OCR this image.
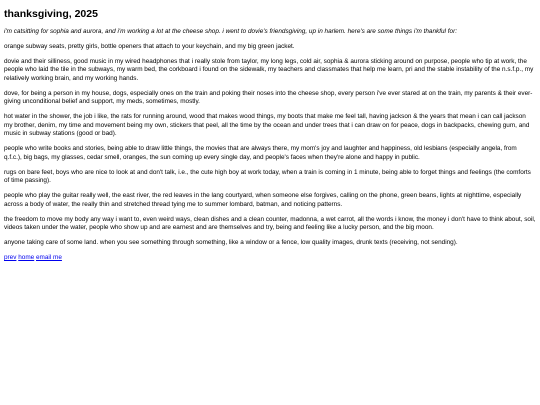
thanksgiving, 2025

i'm catsitting for sophia and aurora, and i'm working a lot at the cheese shop. i went to dovie's friendsgiving, up in harlem. here's are some things i'm thankful for:

orange subway seats, pretty girls, bottle openers that attach to your keychain, and my big green jacket.

dovie and their silliness, good music in my wired headphones that i really stole from taylor, my long legs, cold air, sophia & aurora sticking around on purpose, people who tip at work, the people who laid the tile in the subways, my warm bed, the corkboard i found on the sidewalk, my teachers and classmates that help me learn, pri and the stable instability of the n.s.f.p., my relatively working brain, and my working hands.

dove, for being a person in my house, dogs, especially ones on the train and poking their noses into the cheese shop, every person i've ever stared at on the train, my parents & their ever-giving unconditional belief and support, my meds, sometimes, mostly.

hot water in the shower, the job i like, the rats for running around, wood that makes wood things, my boots that make me feel tall, having jackson & the years that mean i can call jackson my brother, denim, my time and movement being my own, stickers that peel, all the time by the ocean and under trees that i can draw on for peace, dogs in backpacks, chewing gum, and music in subway stations (good or bad).

people who write books and stories, being able to draw little things, the movies that are always there, my mom's joy and laughter and happiness, old lesbians (especially angela, from q.f.c.), big bags, my glasses, cedar smell, oranges, the sun coming up every single day, and people's faces when they're alone and happy in public.

rugs on bare feet, boys who are nice to look at and don't talk, i.e., the cute high boy at work today, when a train is coming in 1 minute, being able to forget things and feelings (the comforts of time passing).

people who play the guitar really well, the east river, the red leaves in the lang courtyard, when someone else forgives, calling on the phone, green beans, lights at nighttime, especially across a body of water, the really thin and stretched thread tying me to summer lombard, batman, and noticing patterns.

the freedom to move my body any way i want to, even weird ways, clean dishes and a clean counter, madonna, a wet carrot, all the words i know, the money i don't have to think about, soil, videos taken under the water, people who show up and are earnest and are themselves and try, being and feeling like a lucky person, and the big moon.

anyone taking care of some land. when you see something through something, like a window or a fence, low quality images, drunk texts (receiving, not sending).

prev home email me
